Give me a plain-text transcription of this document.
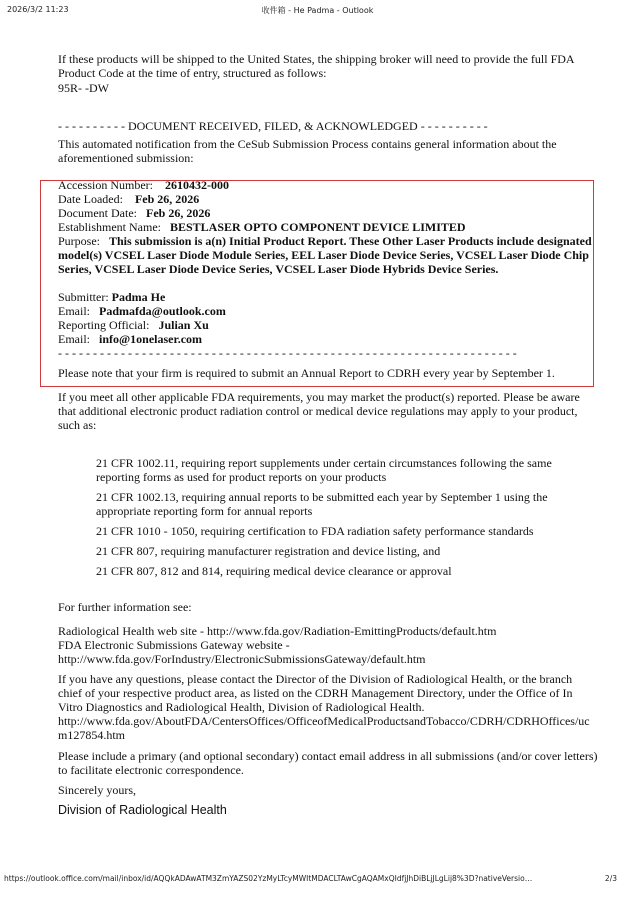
2026/3/2 11:23	收件箱 - He Padma - Outlook

If these products will be shipped to the United States, the shipping broker will need to provide the full FDA Product Code at the time of entry, structured as follows:

95R- -DW

- - - - - - - - - - DOCUMENT RECEIVED, FILED, & ACKNOWLEDGED - - - - - - - - - -

This automated notification from the CeSub Submission Process contains general information about the aforementioned submission:

Accession Number: 2610432-000
Date Loaded: Feb 26, 2026
Document Date: Feb 26, 2026
Establishment Name: BESTLASER OPTO COMPONENT DEVICE LIMITED
Purpose: This submission is a(n) Initial Product Report. These Other Laser Products include designated model(s) VCSEL Laser Diode Module Series, EEL Laser Diode Device Series, VCSEL Laser Diode Chip Series, VCSEL Laser Diode Device Series, VCSEL Laser Diode Hybrids Device Series.
Submitter: Padma He
Email: Padmafda@outlook.com
Reporting Official: Julian Xu
Email: info@1onelaser.com
- - - - - - - - - - - - - - - - - - - - - - - - - - - - - - - - - - - - - - - - - - - - - - - - - - - - - - - - - - - - - - - - - -

Please note that your firm is required to submit an Annual Report to CDRH every year by September 1.

If you meet all other applicable FDA requirements, you may market the product(s) reported. Please be aware that additional electronic product radiation control or medical device regulations may apply to your product, such as:

21 CFR 1002.11, requiring report supplements under certain circumstances following the same reporting forms as used for product reports on your products
21 CFR 1002.13, requiring annual reports to be submitted each year by September 1 using the appropriate reporting form for annual reports
21 CFR 1010 - 1050, requiring certification to FDA radiation safety performance standards
21 CFR 807, requiring manufacturer registration and device listing, and
21 CFR 807, 812 and 814, requiring medical device clearance or approval

For further information see:

Radiological Health web site - http://www.fda.gov/Radiation-EmittingProducts/default.htm

FDA Electronic Submissions Gateway website -

http://www.fda.gov/ForIndustry/ElectronicSubmissionsGateway/default.htm

If you have any questions, please contact the Director of the Division of Radiological Health, or the branch chief of your respective product area, as listed on the CDRH Management Directory, under the Office of In Vitro Diagnostics and Radiological Health, Division of Radiological Health.

http://www.fda.gov/AboutFDA/CentersOffices/OfficeofMedicalProductsandTobacco/CDRH/CDRHOffices/ucm127854.htm

Please include a primary (and optional secondary) contact email address in all submissions (and/or cover letters) to facilitate electronic correspondence.

Sincerely yours,

Division of Radiological Health

https://outlook.office.com/mail/inbox/id/AQQkADAwATM3ZmYAZS02YzMyLTcyMWItMDACLTAwCgAQAMxQIdfjJhDiBLjJLgLij8%3D?nativeVersio…	2/3
